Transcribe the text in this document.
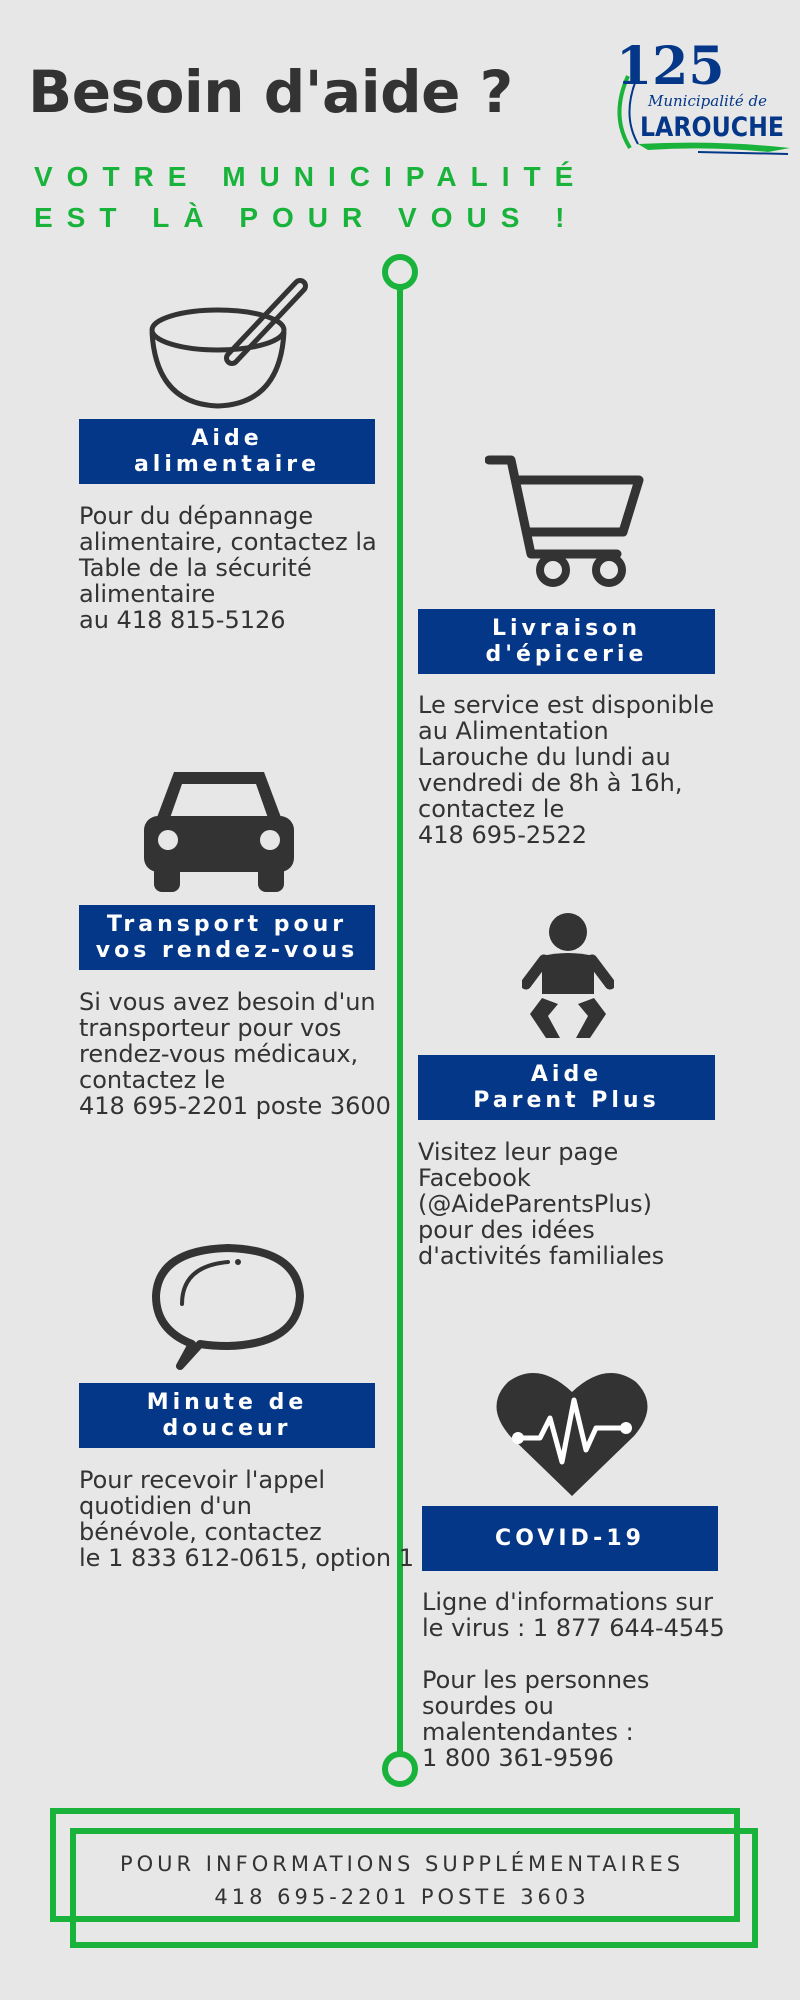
Besoin d'aide ?
VOTRE MUNICIPALITÉ
EST LÀ POUR VOUS !
125
Municipalité de
LAROUCHE
Aide
alimentaire

Pour du dépannage

alimentaire, contactez la

Table de la sécurité

alimentaire

au 418 815-5126	Livraison
d'épicerie

Le service est disponible

au Alimentation

Larouche du lundi au

vendredi de 8h à 16h,

contactez le

418 695-2522

Transport pour
vos rendez-vous

Si vous avez besoin d'un

transporteur pour vos

rendez-vous médicaux,

contactez le

418 695-2201 poste 3600

Aide
Parent Plus

Visitez leur page

Facebook

(@AideParentsPlus)

pour des idées

d'activités familiales

Minute de
douceur

Pour recevoir l'appel

quotidien d'un

bénévole, contactez

le 1 833 612-0615, option 1

COVID-19

Ligne d'informations sur

le virus : 1 877 644-4545

Pour les personnes

sourdes ou

malentendantes :

1 800 361-9596

POUR INFORMATIONS SUPPLÉMENTAIRES
418 695-2201 POSTE 3603
